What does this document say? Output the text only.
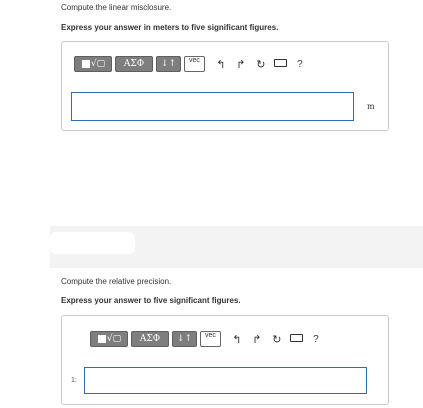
Compute the linear misclosure.
Express your answer in meters to five significant figures.
√▢ ΑΣΦ ↓↑ vec	↰ ↱ ↻	?
m
Compute the relative precision.
Express your answer to five significant figures.
√▢ ΑΣΦ ↓↑ vec	↰ ↱ ↻	?
1:
